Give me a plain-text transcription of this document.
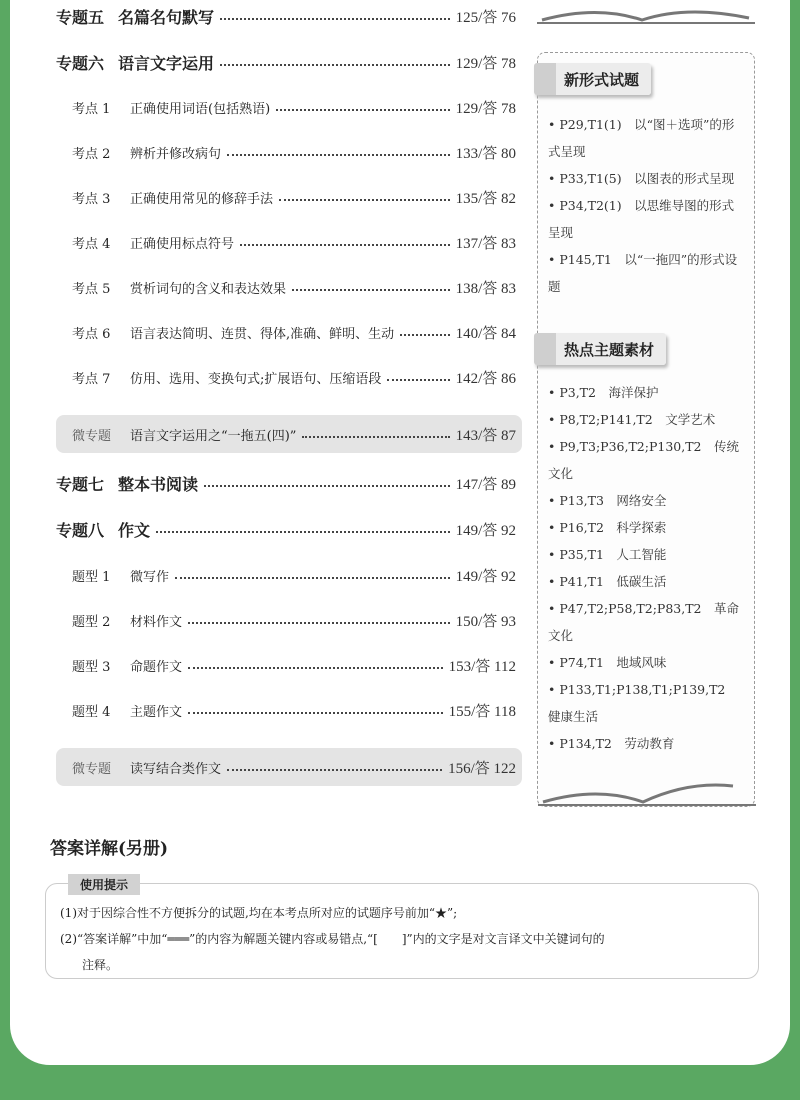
专题五 名篇名句默写	125/答 76
专题六 语言文字运用	129/答 78
考点 1	正确使用词语(包括熟语)	129/答 78
考点 2	辨析并修改病句	133/答 80
考点 3	正确使用常见的修辞手法	135/答 82
考点 4	正确使用标点符号	137/答 83
考点 5	赏析词句的含义和表达效果	138/答 83
考点 6	语言表达简明、连贯、得体,准确、鲜明、生动	140/答 84
考点 7	仿用、选用、变换句式;扩展语句、压缩语段	142/答 86
微专题	语言文字运用之“一拖五(四)”	143/答 87
专题七 整本书阅读	147/答 89
专题八 作文	149/答 92
题型 1	微写作	149/答 92
题型 2	材料作文	150/答 93
题型 3	命题作文	153/答 112
题型 4	主题作文	155/答 118
微专题	读写结合类作文	156/答 122
新形式试题
• P29,T1(1)　以“图＋选项”的形式呈现
• P33,T1(5)　以图表的形式呈现
• P34,T2(1)　以思维导图的形式呈现
• P145,T1　以“一拖四”的形式设题
热点主题素材
• P3,T2　海洋保护
• P8,T2;P141,T2　文学艺术
• P9,T3;P36,T2;P130,T2　传统文化
• P13,T3　网络安全
• P16,T2　科学探索
• P35,T1　人工智能
• P41,T1　低碳生活
• P47,T2;P58,T2;P83,T2　革命文化
• P74,T1　地域风味
• P133,T1;P138,T1;P139,T2　健康生活
• P134,T2　劳动教育
答案详解(另册)
使用提示

(1)对于因综合性不方便拆分的试题,均在本考点所对应的试题序号前加“★”;

(2)“答案详解”中加“═══”的内容为解题关键内容或易错点,“[　　]”内的文字是对文言译文中关键词句的

注释。
